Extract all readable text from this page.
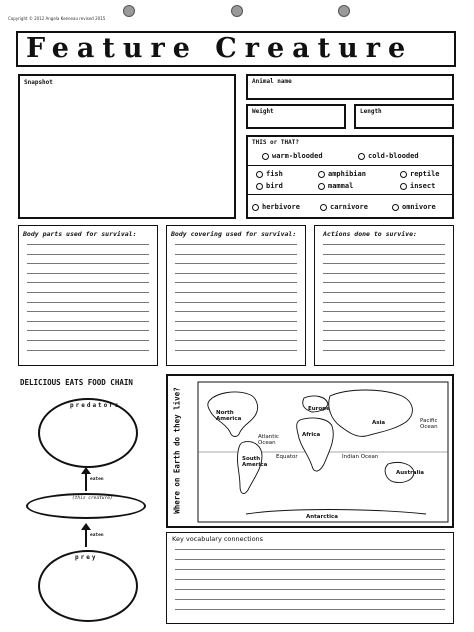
Copyright © 2012 Angela Keeneau revised 2015
Feature Creature
Snapshot	Animal name
Weight	Length
THIS or THAT?
warm-blooded	cold-blooded
fish	amphibian	reptile
bird	mammal	insect
herbivore	carnivore	omnivore
Body parts used for survival:	Body covering used for survival:	Actions done to survive:
DELICIOUS EATS FOOD CHAIN
predators
eaten
(this creature)
eaten
prey
Where on Earth do they live?	North
America
Europe
Asia
Africa
South
America
Australia
Antarctica
Atlantic
Ocean
Pacific
Ocean
Indian Ocean
Equator
Key vocabulary connections
